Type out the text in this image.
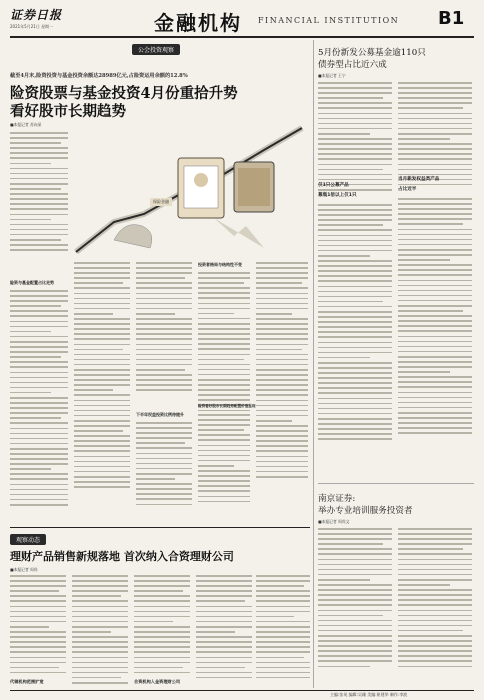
证券日报
2021年5月21日 星期一	金融机构 FINANCIAL INSTITUTION B1
公会投资观察
截至4月末,险资投资与基金投资余额达28989亿元,占险资运用余额的12.8%
险资股票与基金投资4月份重拾升势
看好股市长期趋势
■本报记者 苏向杲
保险金融
险资与基金配置占比走势
下半年权益投资比例待提升
投资者格局与结构性不变
险资看好股市长期趋势配置价值显现
5月份新发公募基金逾110只
债券型占比近六成
■本报记者 王宁
仅1只公募产品
募集1倍以上仅1只
当月新发权益类产品
占比近半
南京证券:
举办专业培训服务投资者
■本报记者 周尚文
观察动态
理财产品销售新规落地 首次纳入合资理财公司
■本报记者 周尚
代销机构范围扩宽	合资机构入金资理财公司
主编:张英 编辑:吴珊 美编:崔建华 制作:李波
